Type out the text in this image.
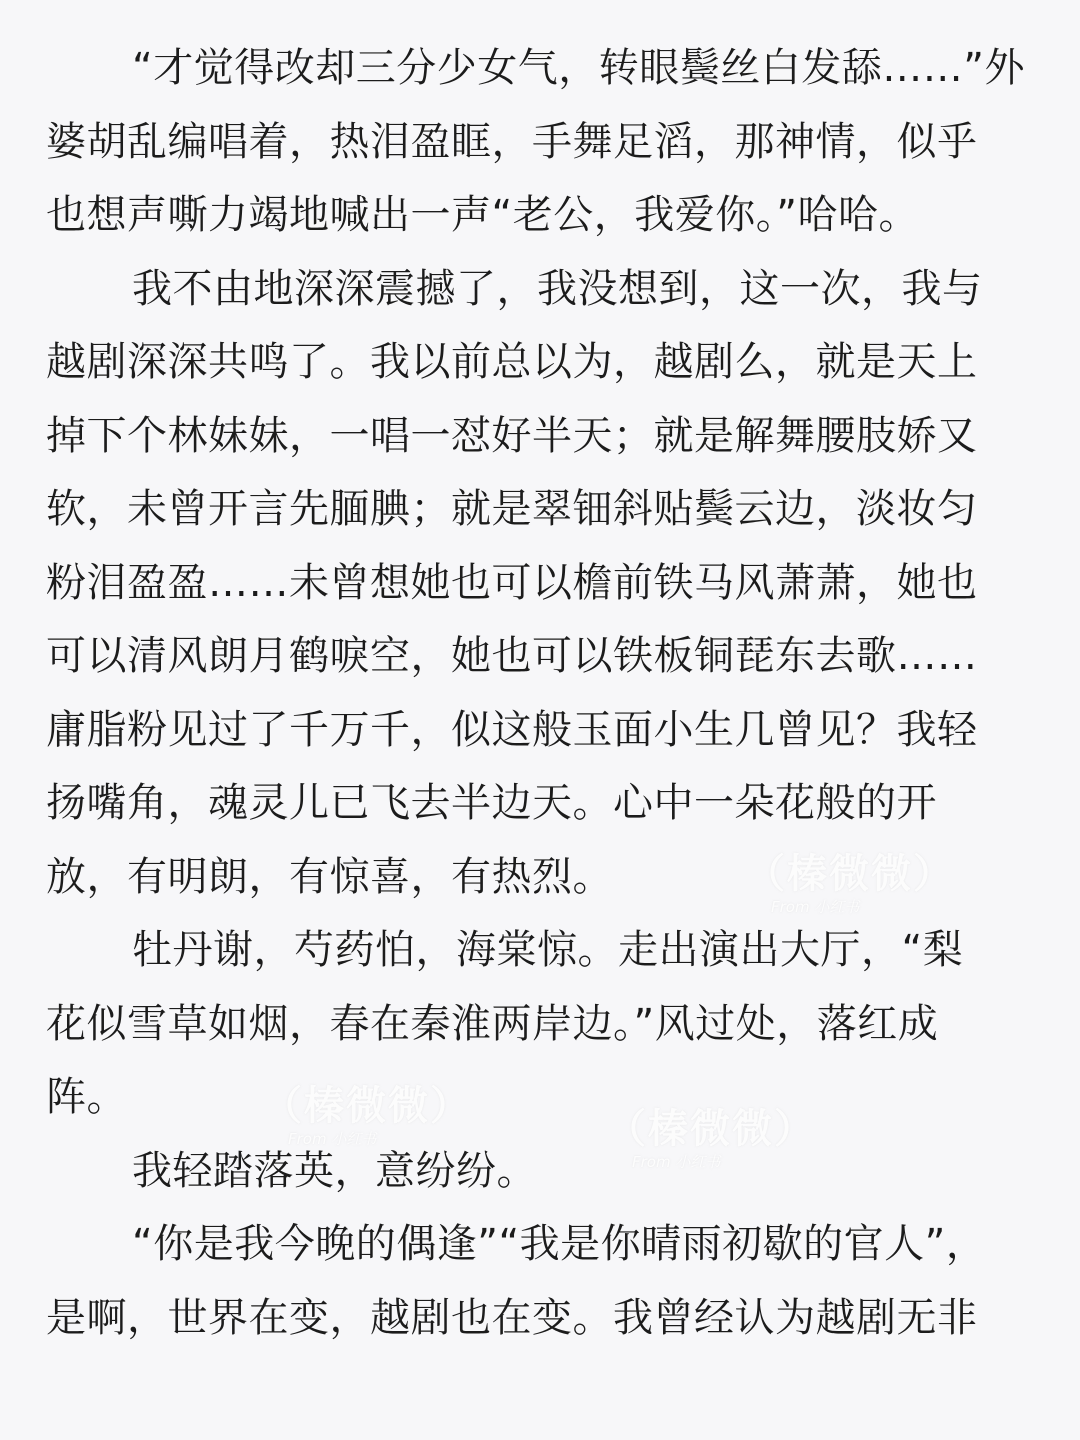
“才觉得改却三分少女气，转眼鬓丝白发舔……”外
婆胡乱编唱着，热泪盈眶，手舞足滔，那神情，似乎
也想声嘶力竭地喊出一声“老公，我爱你。”哈哈。
我不由地深深震撼了，我没想到，这一次，我与
越剧深深共鸣了。我以前总以为，越剧么，就是天上
掉下个林妹妹，一唱一怼好半天；就是解舞腰肢娇又
软，未曾开言先腼腆；就是翠钿斜贴鬓云边，淡妆匀
粉泪盈盈……未曾想她也可以檐前铁马风萧萧，她也
可以清风朗月鹤唳空，她也可以铁板铜琵东去歌……
庸脂粉见过了千万千，似这般玉面小生几曾见？我轻
扬嘴角，魂灵儿已飞去半边天。心中一朵花般的开
放，有明朗，有惊喜，有热烈。
牡丹谢，芍药怕，海棠惊。走出演出大厅，“梨
花似雪草如烟，春在秦淮两岸边。”风过处，落红成
阵。
我轻踏落英，意纷纷。
“你是我今晚的偶逢”“我是你晴雨初歇的官人”，
是啊，世界在变，越剧也在变。我曾经认为越剧无非
（榛微微）
From 小红书
（榛微微）
From 小红书	（榛微微）
From 小红书
